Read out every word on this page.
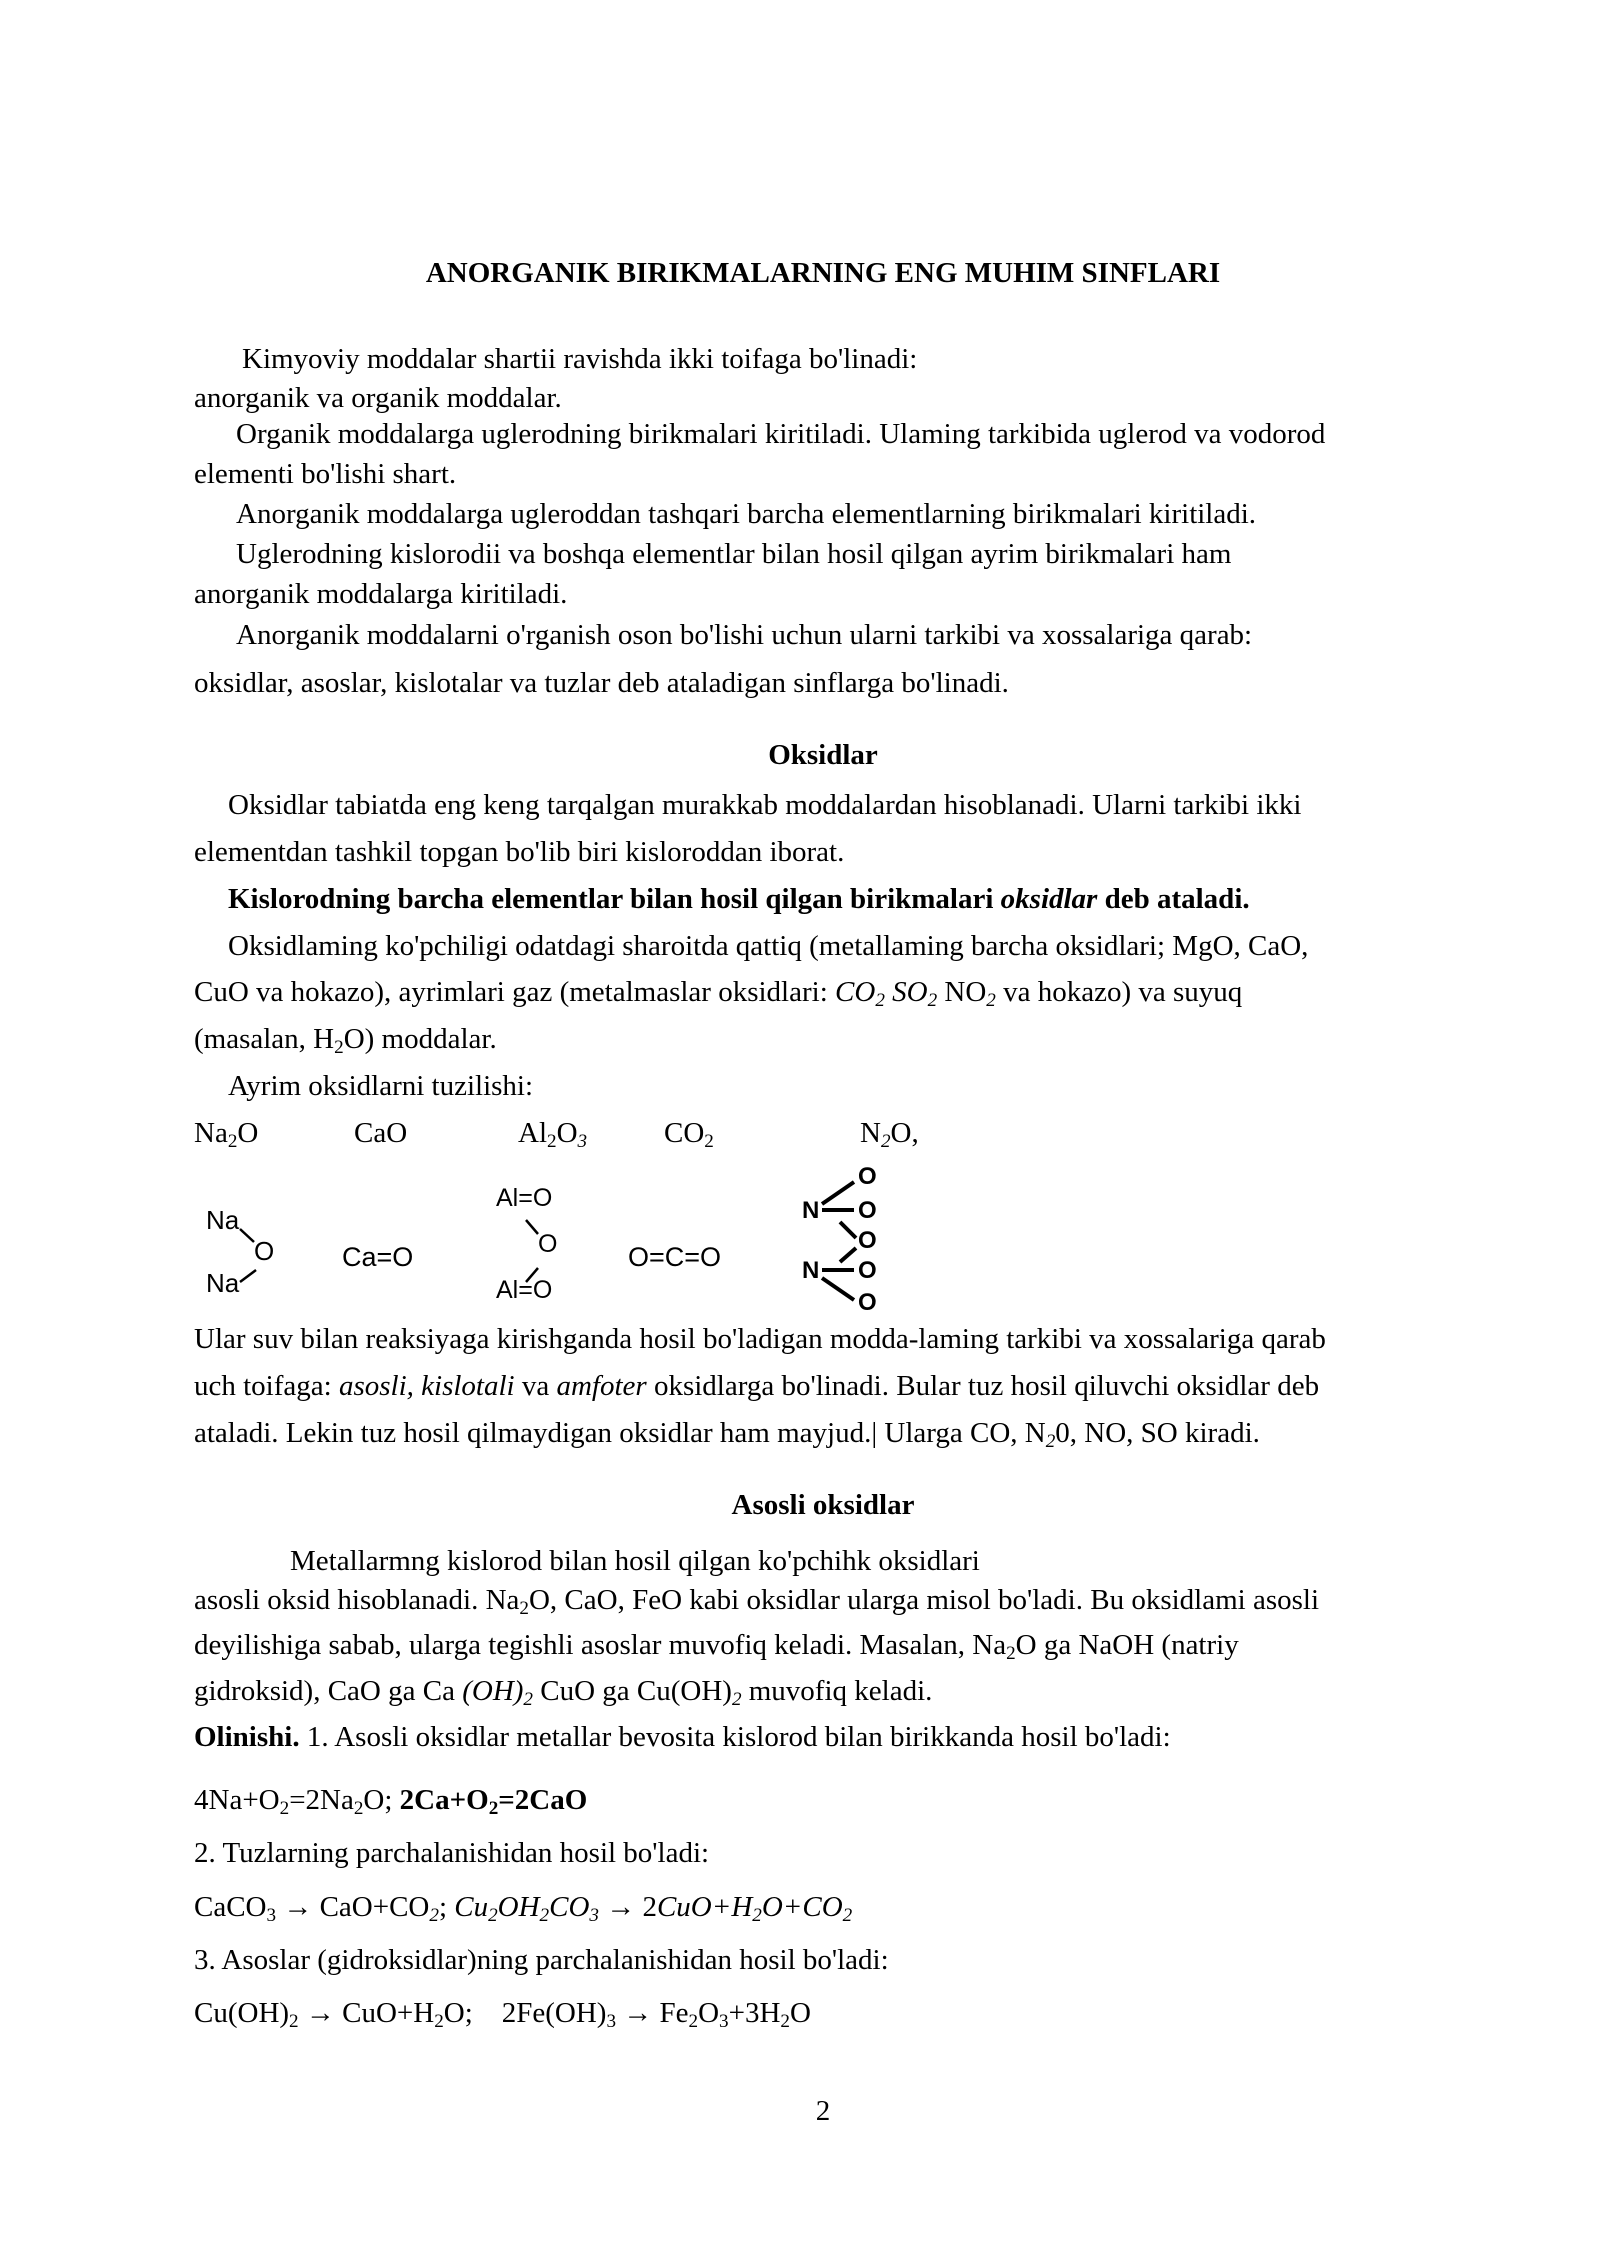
ANORGANIK BIRIKMALARNING ENG MUHIM SINFLARI
Kimyoviy moddalar shartii ravishda ikki toifaga bo'linadi:
anorganik va organik moddalar.
Organik moddalarga uglerodning birikmalari kiritiladi. Ulaming tarkibida uglerod va vodorod
elementi bo'lishi shart.
Anorganik moddalarga ugleroddan tashqari barcha elementlarning birikmalari kiritiladi.
Uglerodning kislorodii va boshqa elementlar bilan hosil qilgan ayrim birikmalari ham
anorganik moddalarga kiritiladi.
Anorganik moddalarni o'rganish oson bo'lishi uchun ularni tarkibi va xossalariga qarab:
oksidlar, asoslar, kislotalar va tuzlar deb ataladigan sinflarga bo'linadi.
Oksidlar
Oksidlar tabiatda eng keng tarqalgan murakkab moddalardan hisoblanadi. Ularni tarkibi ikki
elementdan tashkil topgan bo'lib biri kisloroddan iborat.
Kislorodning barcha elementlar bilan hosil qilgan birikmalari oksidlar deb ataladi.
Oksidlaming ko'pchiligi odatdagi sharoitda qattiq (metallaming barcha oksidlari; MgO, CaO,
CuO va hokazo), ayrimlari gaz (metalmaslar oksidlari: $CO_2$ $SO_2$ $NO_2$ va hokazo) va suyuq
(masalan, $H_2O$) moddalar.
Ayrim oksidlarni tuzilishi:
$Na_2O$	CaO	$Al_2O_3$	$CO_2$	$N_2O$,
Na
O
Na
Ca=O
Al=O
O
Al=O
O=C=O
O
N O
O
N O
O
Ular suv bilan reaksiyaga kirishganda hosil bo'ladigan modda-laming tarkibi va xossalariga qarab
uch toifaga: asosli, kislotali va amfoter oksidlarga bo'linadi. Bular tuz hosil qiluvchi oksidlar deb
ataladi. Lekin tuz hosil qilmaydigan oksidlar ham mayjud.| Ularga CO, $N_20$, NO, SO kiradi.
Asosli oksidlar
Metallarmng kislorod bilan hosil qilgan ko'pchihk oksidlari
asosli oksid hisoblanadi. $Na_2O$, CaO, FeO kabi oksidlar ularga misol bo'ladi. Bu oksidlami asosli
deyilishiga sabab, ularga tegishli asoslar muvofiq keladi. Masalan, $Na_2O$ ga NaOH (natriy
gidroksid), CaO ga Ca $(OH)_2$ CuO ga $Cu(OH)_2$ muvofiq keladi.
Olinishi. 1. Asosli oksidlar metallar bevosita kislorod bilan birikkanda hosil bo'ladi:
$4Na+O_2=2Na_2O$; $2Ca+O_2=2CaO$
2. Tuzlarning parchalanishidan hosil bo'ladi:
CaCO$_3$ → $CaO+CO_2$; $Cu_2OH_2CO_3 \to 2CuO+H_2O+CO_2$
3. Asoslar (gidroksidlar)ning parchalanishidan hosil bo'ladi:
$Cu(OH)_2 \to CuO+H_2O$; $2Fe(OH)_3 \to Fe_2O_3+3H_2O$
2
